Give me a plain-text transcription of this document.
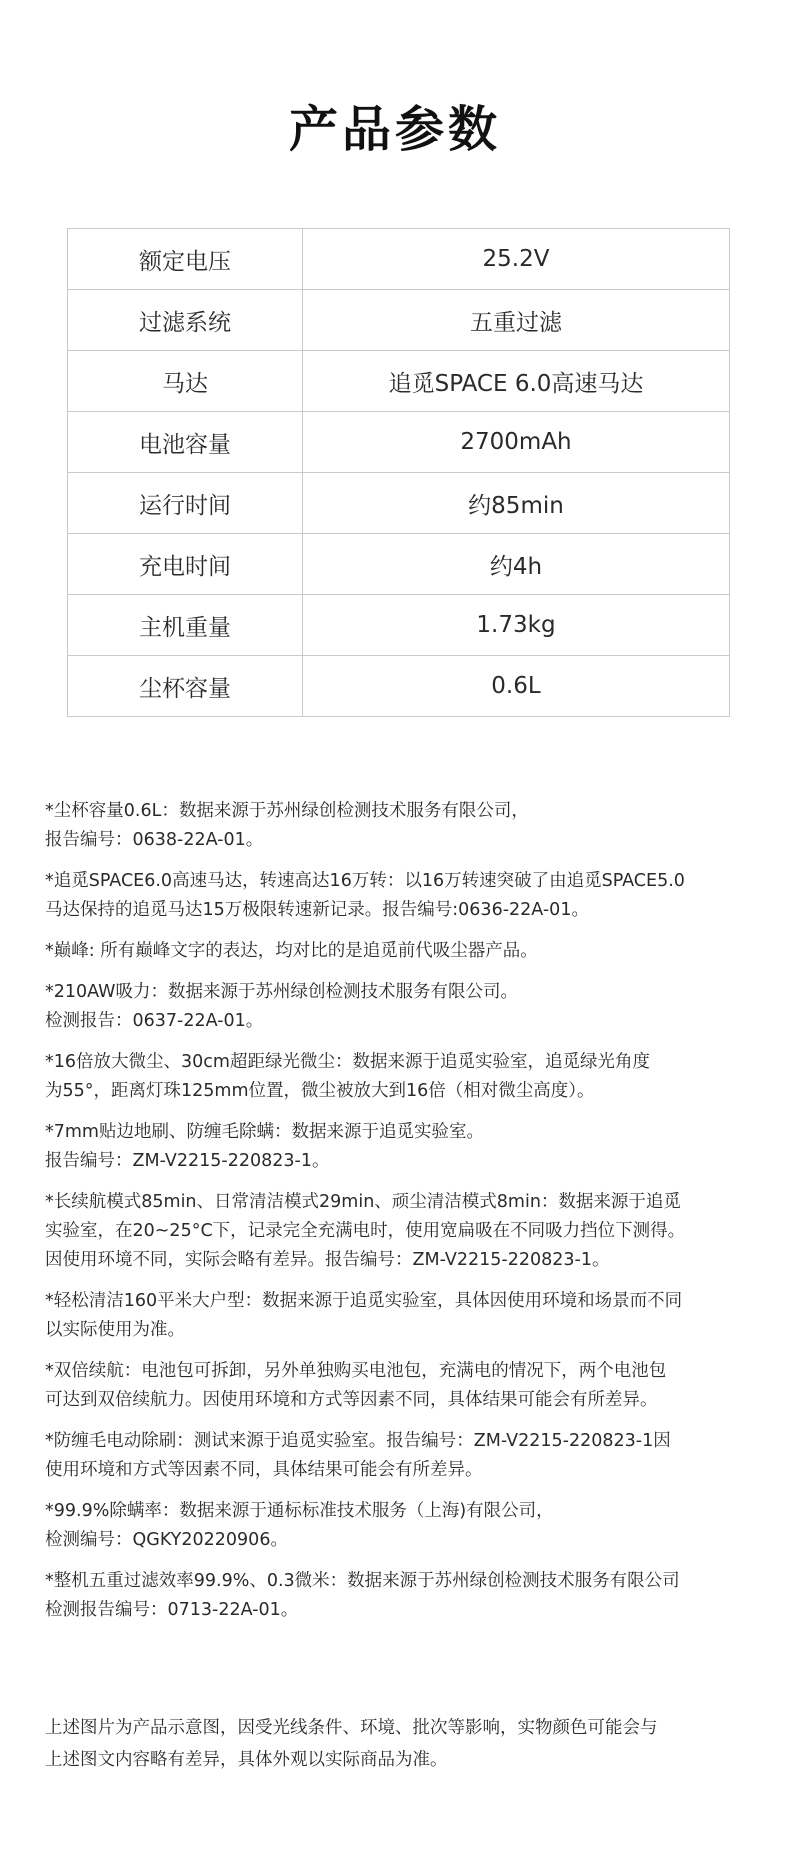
产品参数
额定电压	25.2V
过滤系统	五重过滤
马达	追觅SPACE 6.0高速马达
电池容量	2700mAh
运行时间	约85min
充电时间	约4h
主机重量	1.73kg
尘杯容量	0.6L

*尘杯容量0.6L：数据来源于苏州绿创检测技术服务有限公司，
报告编号：0638-22A-01。

*追觅SPACE6.0高速马达，转速高达16万转：以16万转速突破了由追觅SPACE5.0
马达保持的追觅马达15万极限转速新记录。报告编号:0636-22A-01。

*巅峰: 所有巅峰文字的表达，均对比的是追觅前代吸尘器产品。

*210AW吸力：数据来源于苏州绿创检测技术服务有限公司。
检测报告：0637-22A-01。

*16倍放大微尘、30cm超距绿光微尘：数据来源于追觅实验室，追觅绿光角度
为55°，距离灯珠125mm位置，微尘被放大到16倍（相对微尘高度）。

*7mm贴边地刷、防缠毛除螨：数据来源于追觅实验室。
报告编号：ZM-V2215-220823-1。

*长续航模式85min、日常清洁模式29min、顽尘清洁模式8min：数据来源于追觅
实验室，在20~25°C下，记录完全充满电时，使用宽扁吸在不同吸力挡位下测得。
因使用环境不同，实际会略有差异。报告编号：ZM-V2215-220823-1。

*轻松清洁160平米大户型：数据来源于追觅实验室，具体因使用环境和场景而不同
以实际使用为准。

*双倍续航：电池包可拆卸，另外单独购买电池包，充满电的情况下，两个电池包
可达到双倍续航力。因使用环境和方式等因素不同，具体结果可能会有所差异。

*防缠毛电动除刷：测试来源于追觅实验室。报告编号：ZM-V2215-220823-1因
使用环境和方式等因素不同，具体结果可能会有所差异。

*99.9%除螨率：数据来源于通标标准技术服务（上海)有限公司，
检测编号：QGKY20220906。

*整机五重过滤效率99.9%、0.3微米：数据来源于苏州绿创检测技术服务有限公司
检测报告编号：0713-22A-01。

上述图片为产品示意图，因受光线条件、环境、批次等影响，实物颜色可能会与
上述图文内容略有差异，具体外观以实际商品为准。
